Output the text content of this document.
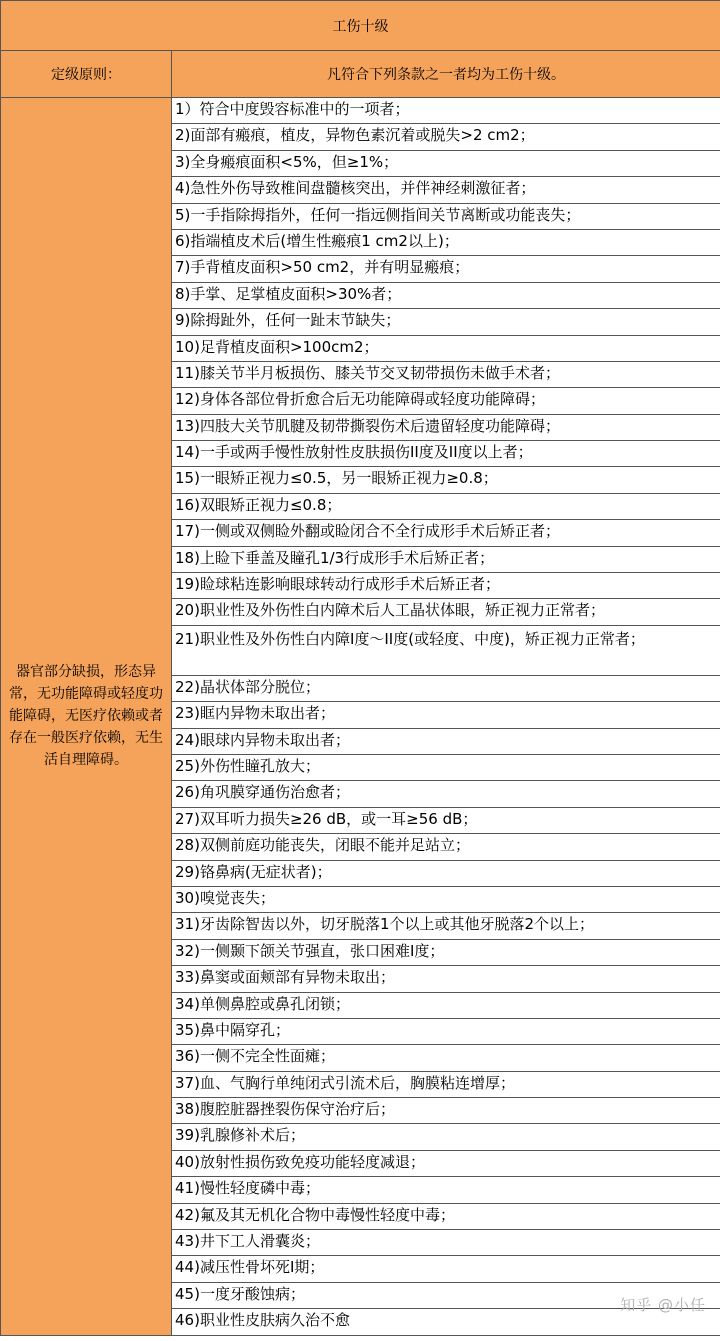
工伤十级	
定级原则：	凡符合下列条款之一者均为工伤十级。
器官部分缺损，形态异常，无功能障碍或轻度功能障碍，无医疗依赖或者存在一般医疗依赖，无生活自理障碍。	1）符合中度毁容标准中的一项者；
	2)面部有瘢痕，植皮，异物色素沉着或脱失>2 cm2；
	3)全身瘢痕面积<5%，但≥1%；
	4)急性外伤导致椎间盘髓核突出，并伴神经刺激征者；
	5)一手指除拇指外，任何一指远侧指间关节离断或功能丧失；
	6)指端植皮术后(增生性瘢痕1 cm2以上)；
	7)手背植皮面积>50 cm2，并有明显瘢痕；
	8)手掌、足掌植皮面积>30%者；
	9)除拇趾外，任何一趾末节缺失；
	10)足背植皮面积>100cm2；
	11)膝关节半月板损伤、膝关节交叉韧带损伤未做手术者；
	12)身体各部位骨折愈合后无功能障碍或轻度功能障碍；
	13)四肢大关节肌腱及韧带撕裂伤术后遗留轻度功能障碍；
	14)一手或两手慢性放射性皮肤损伤II度及II度以上者；
	15)一眼矫正视力≤0.5，另一眼矫正视力≥0.8；
	16)双眼矫正视力≤0.8；
	17)一侧或双侧睑外翻或睑闭合不全行成形手术后矫正者；
	18)上睑下垂盖及瞳孔1/3行成形手术后矫正者；
	19)睑球粘连影响眼球转动行成形手术后矫正者；
	20)职业性及外伤性白内障术后人工晶状体眼，矫正视力正常者；
	21)职业性及外伤性白内障I度～II度(或轻度、中度)，矫正视力正常者；
	22)晶状体部分脱位；
	23)眶内异物未取出者；
	24)眼球内异物未取出者；
	25)外伤性瞳孔放大；
	26)角巩膜穿通伤治愈者；
	27)双耳听力损失≥26 dB，或一耳≥56 dB；
	28)双侧前庭功能丧失，闭眼不能并足站立；
	29)铬鼻病(无症状者)；
	30)嗅觉丧失；
	31)牙齿除智齿以外，切牙脱落1个以上或其他牙脱落2个以上；
	32)一侧颞下颌关节强直，张口困难I度；
	33)鼻窦或面颊部有异物未取出；
	34)单侧鼻腔或鼻孔闭锁；
	35)鼻中隔穿孔；
	36)一侧不完全性面瘫；
	37)血、气胸行单纯闭式引流术后，胸膜粘连增厚；
	38)腹腔脏器挫裂伤保守治疗后；
	39)乳腺修补术后；
	40)放射性损伤致免疫功能轻度减退；
	41)慢性轻度磷中毒；
	42)氟及其无机化合物中毒慢性轻度中毒；
	43)井下工人滑囊炎；
	44)减压性骨坏死I期；
	45)一度牙酸蚀病；
	46)职业性皮肤病久治不愈
知乎 @小任
